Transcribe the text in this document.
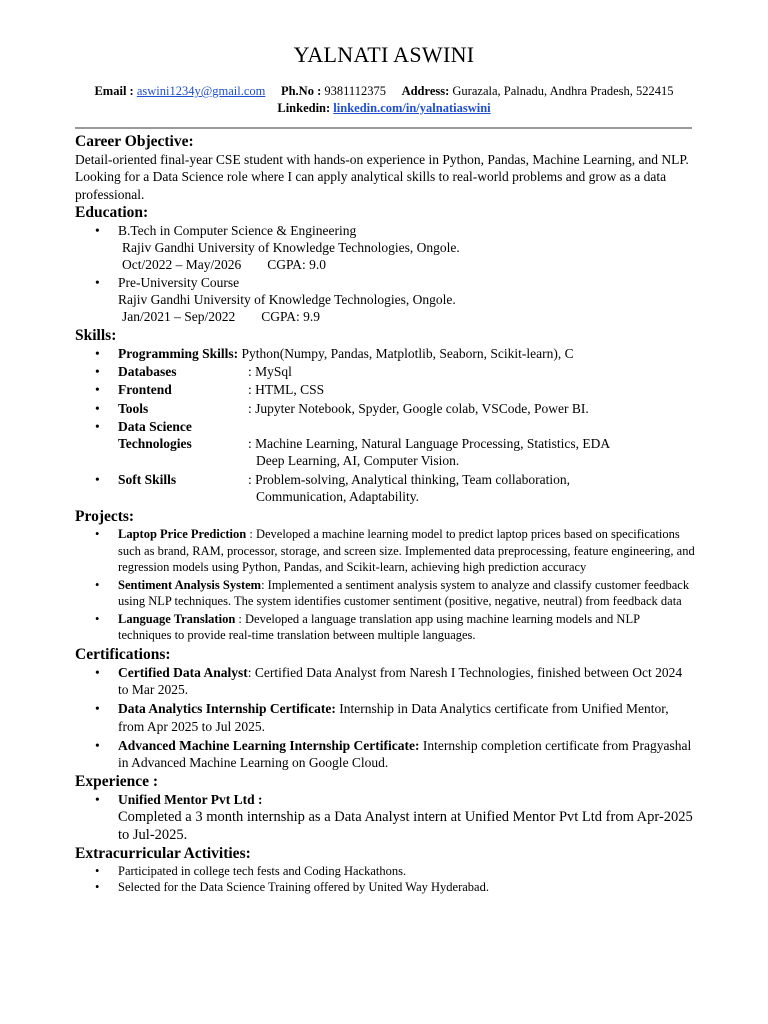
YALNATI ASWINI
Email : aswini1234y@gmail.com Ph.No : 9381112375 Address: Gurazala, Palnadu, Andhra Pradesh, 522415
Linkedin: linkedin.com/in/yalnatiaswini
Career Objective:

Detail-oriented final-year CSE student with hands-on experience in Python, Pandas, Machine Learning, and NLP. Looking for a Data Science role where I can apply analytical skills to real-world problems and grow as a data professional.

Education:
• B.Tech in Computer Science & Engineering
Rajiv Gandhi University of Knowledge Technologies, Ongole.
Oct/2022 – May/2026 CGPA: 9.0
• Pre-University Course
Rajiv Gandhi University of Knowledge Technologies, Ongole.
Jan/2021 – Sep/2022 CGPA: 9.9
Skills:
• Programming Skills: Python(Numpy, Pandas, Matplotlib, Seaborn, Scikit-learn), C
• Databases	: MySql
• Frontend	: HTML, CSS
• Tools	: Jupyter Notebook, Spyder, Google colab, VSCode, Power BI.
• Data Science
Technologies	: Machine Learning, Natural Language Processing, Statistics, EDA
Deep Learning, AI, Computer Vision.
• Soft Skills	: Problem-solving, Analytical thinking, Team collaboration,
Communication, Adaptability.
Projects:
• Laptop Price Prediction : Developed a machine learning model to predict laptop prices based on specifications such as brand, RAM, processor, storage, and screen size. Implemented data preprocessing, feature engineering, and regression models using Python, Pandas, and Scikit-learn, achieving high prediction accuracy
• Sentiment Analysis System: Implemented a sentiment analysis system to analyze and classify customer feedback using NLP techniques. The system identifies customer sentiment (positive, negative, neutral) from feedback data
• Language Translation : Developed a language translation app using machine learning models and NLP techniques to provide real-time translation between multiple languages.
Certifications:
• Certified Data Analyst: Certified Data Analyst from Naresh I Technologies, finished between Oct 2024 to Mar 2025.
• Data Analytics Internship Certificate: Internship in Data Analytics certificate from Unified Mentor, from Apr 2025 to Jul 2025.
• Advanced Machine Learning Internship Certificate: Internship completion certificate from Pragyashal in Advanced Machine Learning on Google Cloud.
Experience :
• Unified Mentor Pvt Ltd :
Completed a 3 month internship as a Data Analyst intern at Unified Mentor Pvt Ltd from Apr-2025 to Jul-2025.
Extracurricular Activities:
• Participated in college tech fests and Coding Hackathons.
• Selected for the Data Science Training offered by United Way Hyderabad.
